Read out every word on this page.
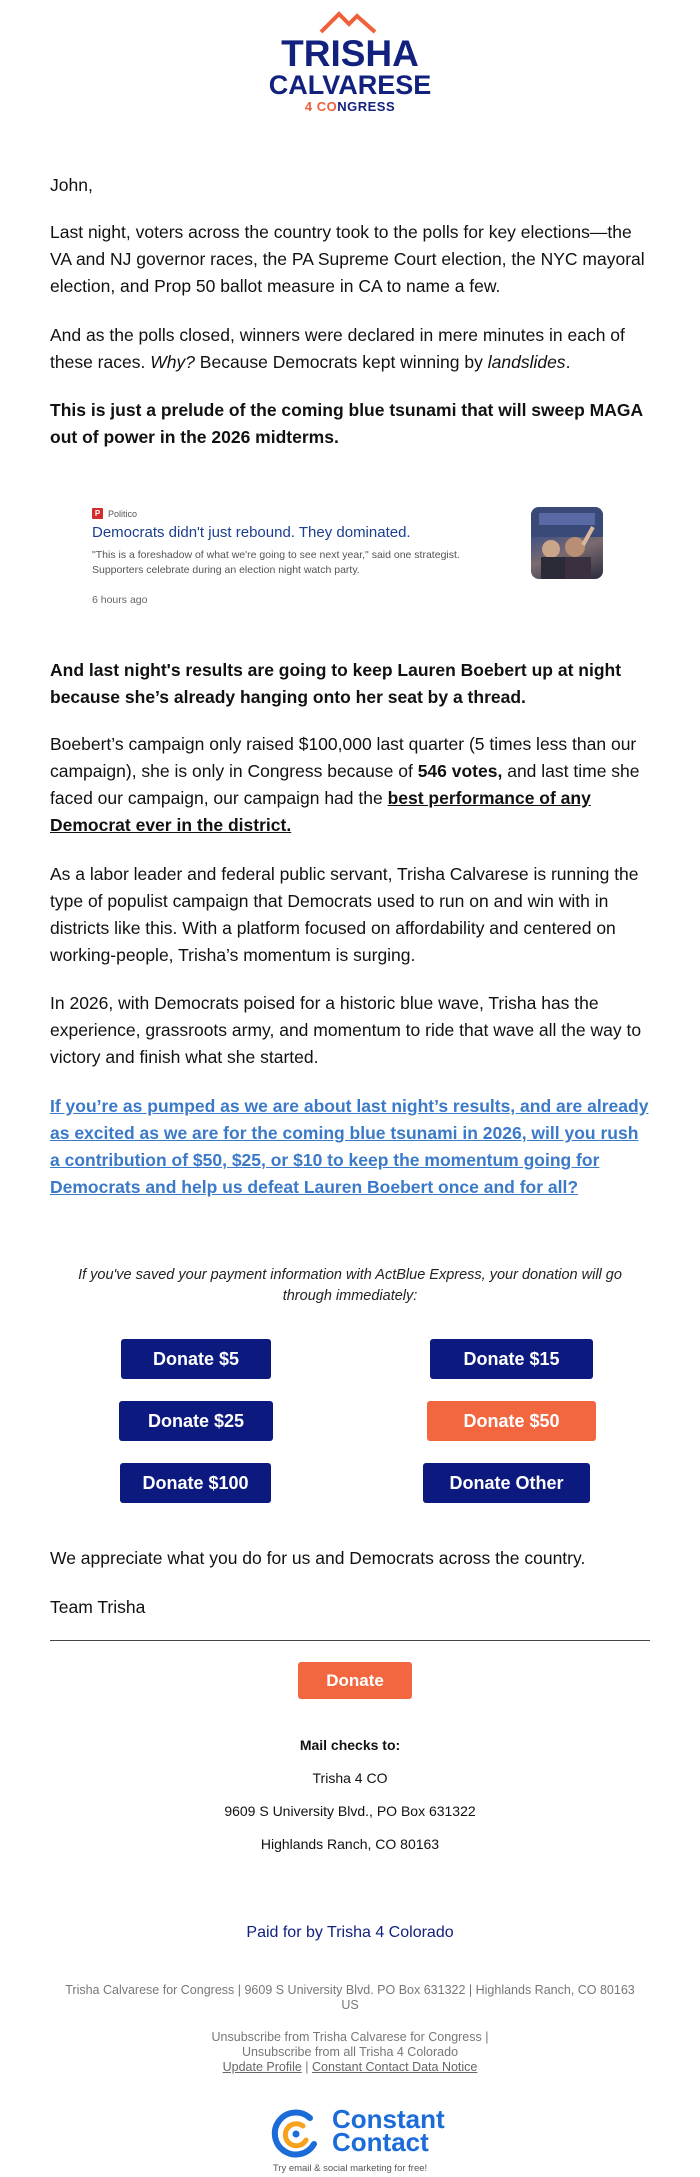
TRISHA
CALVARESE
4 CONGRESS

John,

Last night, voters across the country took to the polls for key elections—the VA and NJ governor races, the PA Supreme Court election, the NYC mayoral election, and Prop 50 ballot measure in CA to name a few.

And as the polls closed, winners were declared in mere minutes in each of these races. Why? Because Democrats kept winning by landslides.

This is just a prelude of the coming blue tsunami that will sweep MAGA out of power in the 2026 midterms.

P Politico
Democrats didn't just rebound. They dominated.
"This is a foreshadow of what we're going to see next year," said one strategist. Supporters celebrate during an election night watch party.
6 hours ago

And last night's results are going to keep Lauren Boebert up at night because she’s already hanging onto her seat by a thread.

Boebert’s campaign only raised $100,000 last quarter (5 times less than our campaign), she is only in Congress because of 546 votes, and last time she faced our campaign, our campaign had the best performance of any Democrat ever in the district.

As a labor leader and federal public servant, Trisha Calvarese is running the type of populist campaign that Democrats used to run on and win with in districts like this. With a platform focused on affordability and centered on working-people, Trisha’s momentum is surging.

In 2026, with Democrats poised for a historic blue wave, Trisha has the experience, grassroots army, and momentum to ride that wave all the way to victory and finish what she started.

If you’re as pumped as we are about last night’s results, and are already as excited as we are for the coming blue tsunami in 2026, will you rush a contribution of $50, $25, or $10 to keep the momentum going for Democrats and help us defeat Lauren Boebert once and for all?
If you've saved your payment information with ActBlue Express, your donation will go through immediately:
Donate $5	Donate $15
Donate $25	Donate $50
Donate $100	Donate Other

We appreciate what you do for us and Democrats across the country.

Team Trisha

Donate
Mail checks to:
Trisha 4 CO
9609 S University Blvd., PO Box 631322
Highlands Ranch, CO 80163
Paid for by Trisha 4 Colorado
Trisha Calvarese for Congress | 9609 S University Blvd. PO Box 631322 | Highlands Ranch, CO 80163 US
Unsubscribe from Trisha Calvarese for Congress |
Unsubscribe from all Trisha 4 Colorado
Update Profile | Constant Contact Data Notice
Constant
Contact
Try email & social marketing for free!
